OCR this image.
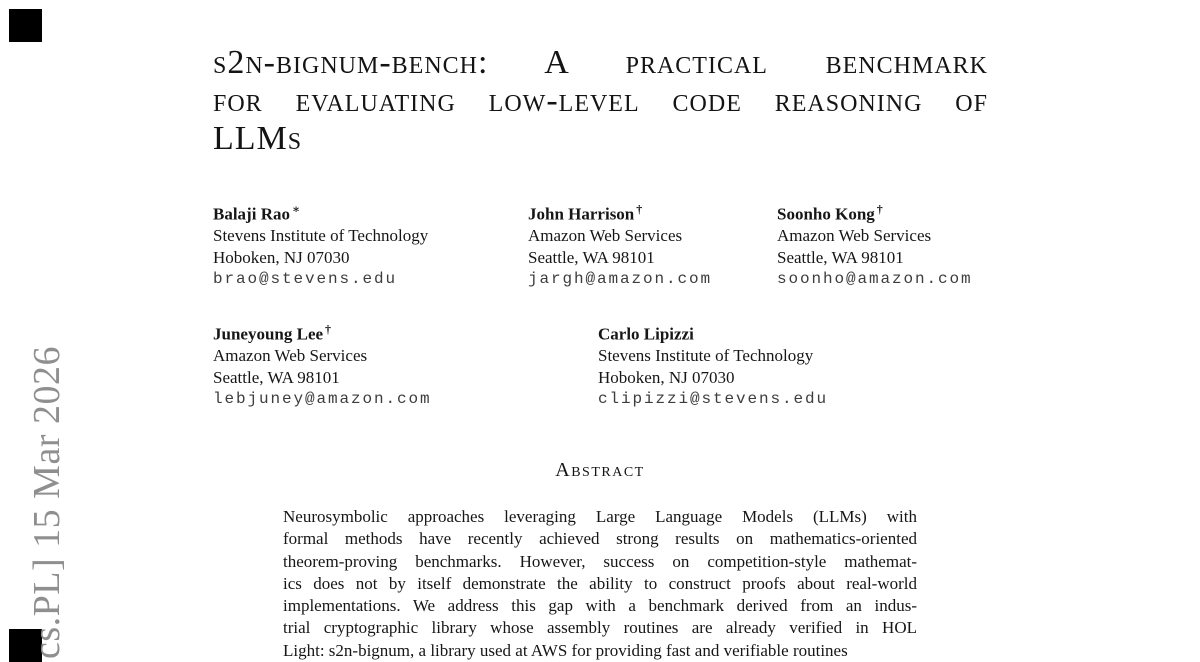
cs.PL] 15 Mar 2026
s2n-bignum-bench: A practical benchmark
for evaluating low-level code reasoning of
LLMs
Balaji Rao ∗
Stevens Institute of Technology
Hoboken, NJ 07030
brao@stevens.edu
John Harrison †
Amazon Web Services
Seattle, WA 98101
jargh@amazon.com
Soonho Kong †
Amazon Web Services
Seattle, WA 98101
soonho@amazon.com
Juneyoung Lee †
Amazon Web Services
Seattle, WA 98101
lebjuney@amazon.com
Carlo Lipizzi
Stevens Institute of Technology
Hoboken, NJ 07030
clipizzi@stevens.edu
Abstract
Neurosymbolic approaches leveraging Large Language Models (LLMs) with
formal methods have recently achieved strong results on mathematics-oriented
theorem-proving benchmarks. However, success on competition-style mathemat-
ics does not by itself demonstrate the ability to construct proofs about real-world
implementations. We address this gap with a benchmark derived from an indus-
trial cryptographic library whose assembly routines are already verified in HOL
Light: s2n-bignum, a library used at AWS for providing fast and verifiable routines
